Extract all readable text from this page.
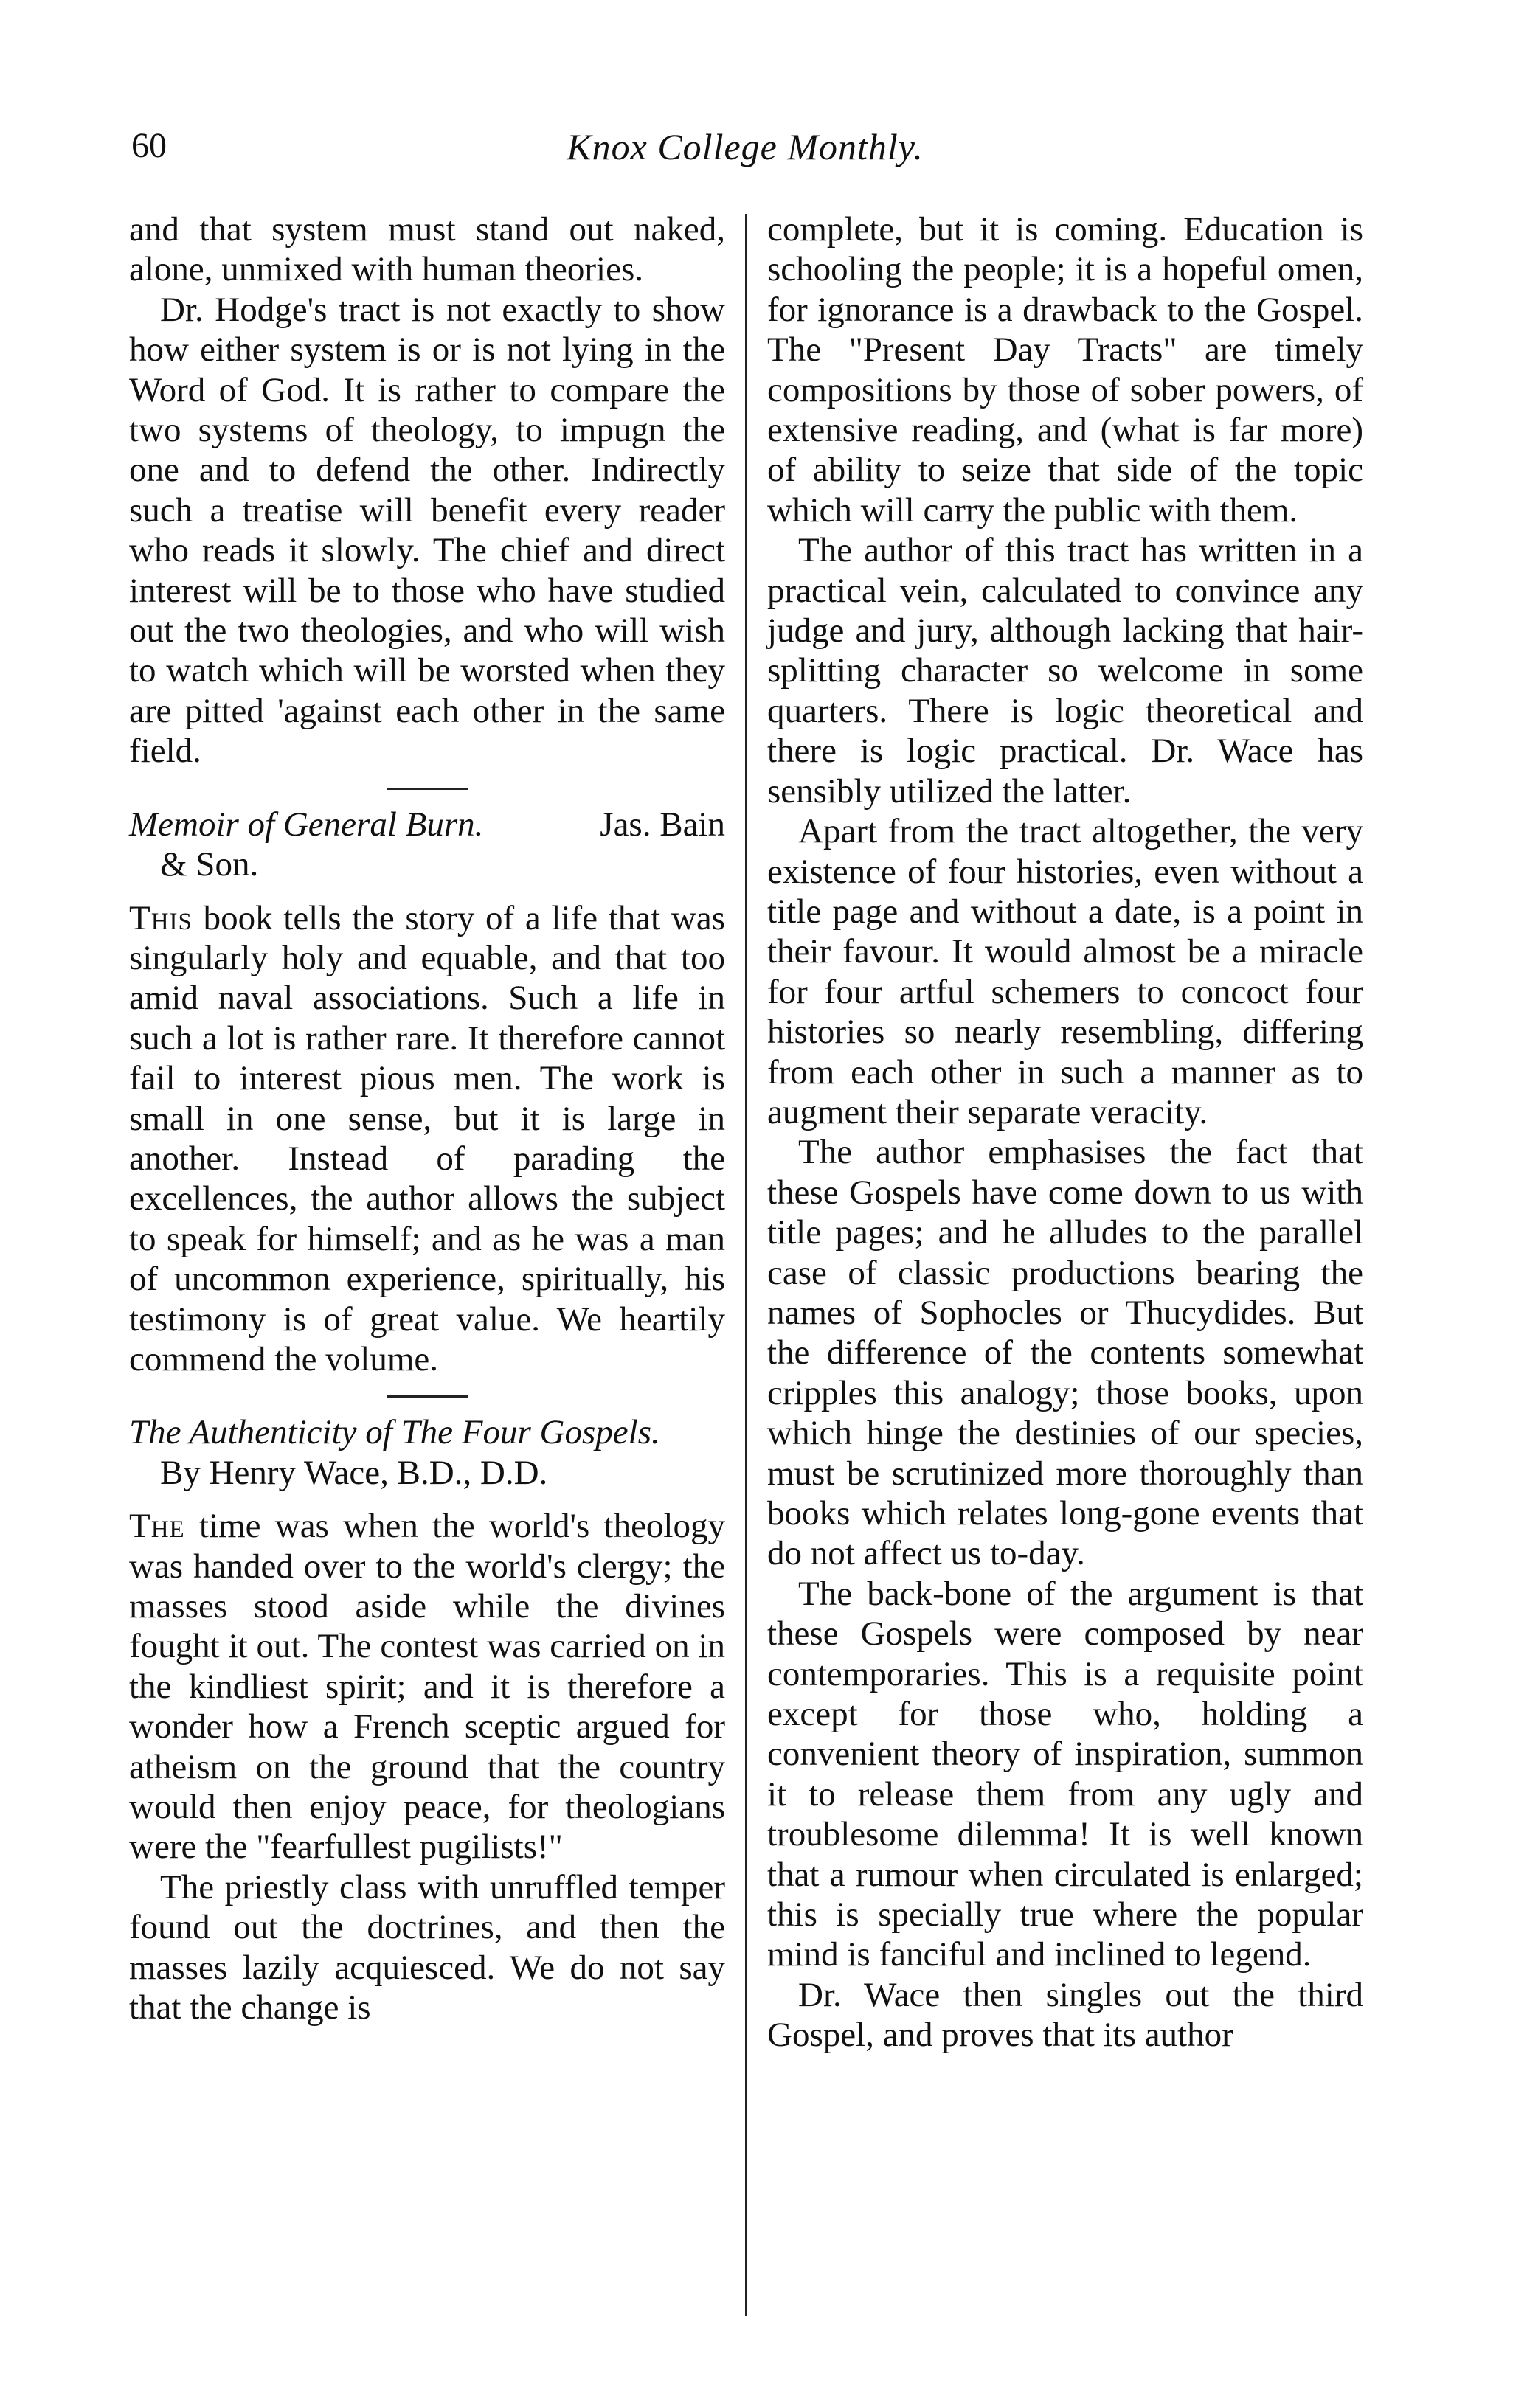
60	Knox College Monthly.

and that system must stand out naked, alone, unmixed with human theories.

Dr. Hodge's tract is not exactly to show how either system is or is not lying in the Word of God. It is rather to compare the two systems of theology, to impugn the one and to defend the other. Indirectly such a treatise will benefit every reader who reads it slowly. The chief and direct interest will be to those who have studied out the two theologies, and who will wish to watch which will be worsted when they are pitted 'against each other in the same field.

Memoir of General Burn.	Jas. Bain
& Son.

This book tells the story of a life that was singularly holy and equable, and that too amid naval associations. Such a life in such a lot is rather rare. It therefore cannot fail to interest pious men. The work is small in one sense, but it is large in another. Instead of parading the excellences, the author allows the subject to speak for himself; and as he was a man of uncommon experience, spiritually, his testimony is of great value. We heartily commend the volume.

The Authenticity of The Four Gospels.
By Henry Wace, B.D., D.D.

The time was when the world's theology was handed over to the world's clergy; the masses stood aside while the divines fought it out. The contest was carried on in the kindliest spirit; and it is therefore a wonder how a French sceptic argued for atheism on the ground that the country would then enjoy peace, for theologians were the "fearfullest pugilists!"

The priestly class with unruffled temper found out the doctrines, and then the masses lazily acquiesced. We do not say that the change is

complete, but it is coming. Education is schooling the people; it is a hopeful omen, for ignorance is a drawback to the Gospel. The "Present Day Tracts" are timely compositions by those of sober powers, of extensive reading, and (what is far more) of ability to seize that side of the topic which will carry the public with them.

The author of this tract has written in a practical vein, calculated to convince any judge and jury, although lacking that hair-splitting character so welcome in some quarters. There is logic theoretical and there is logic practical. Dr. Wace has sensibly utilized the latter.

Apart from the tract altogether, the very existence of four histories, even without a title page and without a date, is a point in their favour. It would almost be a miracle for four artful schemers to concoct four histories so nearly resembling, differing from each other in such a manner as to augment their separate veracity.

The author emphasises the fact that these Gospels have come down to us with title pages; and he alludes to the parallel case of classic productions bearing the names of Sophocles or Thucydides. But the difference of the contents somewhat cripples this analogy; those books, upon which hinge the destinies of our species, must be scrutinized more thoroughly than books which relates long-gone events that do not affect us to-day.

The back-bone of the argument is that these Gospels were composed by near contemporaries. This is a requisite point except for those who, holding a convenient theory of inspiration, summon it to release them from any ugly and troublesome dilemma! It is well known that a rumour when circulated is enlarged; this is specially true where the popular mind is fanciful and inclined to legend.

Dr. Wace then singles out the third Gospel, and proves that its author
